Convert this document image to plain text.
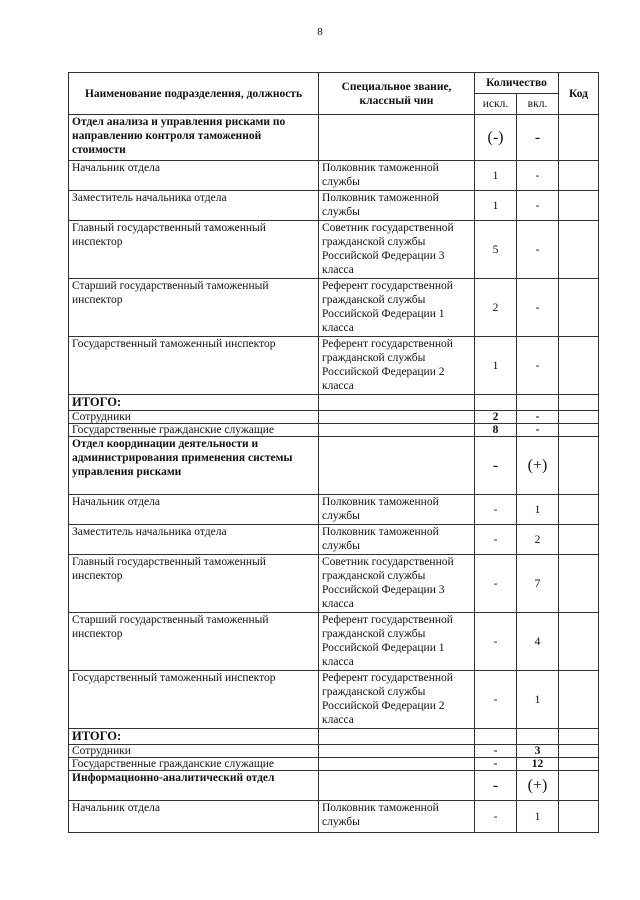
8
Наименование подразделения, должность	Специальное звание, классный чин	Количество		Код
		искл.	вкл.	
Отдел анализа и управления рисками по направлению контроля таможенной стоимости		(-)	-	
Начальник отдела	Полковник таможенной службы	1	-	
Заместитель начальника отдела	Полковник таможенной службы	1	-	
Главный государственный таможенный инспектор	Советник государственной гражданской службы Российской Федерации 3 класса	5	-	
Старший государственный таможенный инспектор	Референт государственной гражданской службы Российской Федерации 1 класса	2	-	
Государственный таможенный инспектор	Референт государственной гражданской службы Российской Федерации 2 класса	1	-	
ИТОГО:				
Сотрудники		2	-	
Государственные гражданские служащие		8	-	
Отдел координации деятельности и администрирования применения системы управления рисками		-	(+)	
Начальник отдела	Полковник таможенной службы	-	1	
Заместитель начальника отдела	Полковник таможенной службы	-	2	
Главный государственный таможенный инспектор	Советник государственной гражданской службы Российской Федерации 3 класса	-	7	
Старший государственный таможенный инспектор	Референт государственной гражданской службы Российской Федерации 1 класса	-	4	
Государственный таможенный инспектор	Референт государственной гражданской службы Российской Федерации 2 класса	-	1	
ИТОГО:				
Сотрудники		-	3	
Государственные гражданские служащие		-	12	
Информационно-аналитический отдел		-	(+)	
Начальник отдела	Полковник таможенной службы	-	1	
